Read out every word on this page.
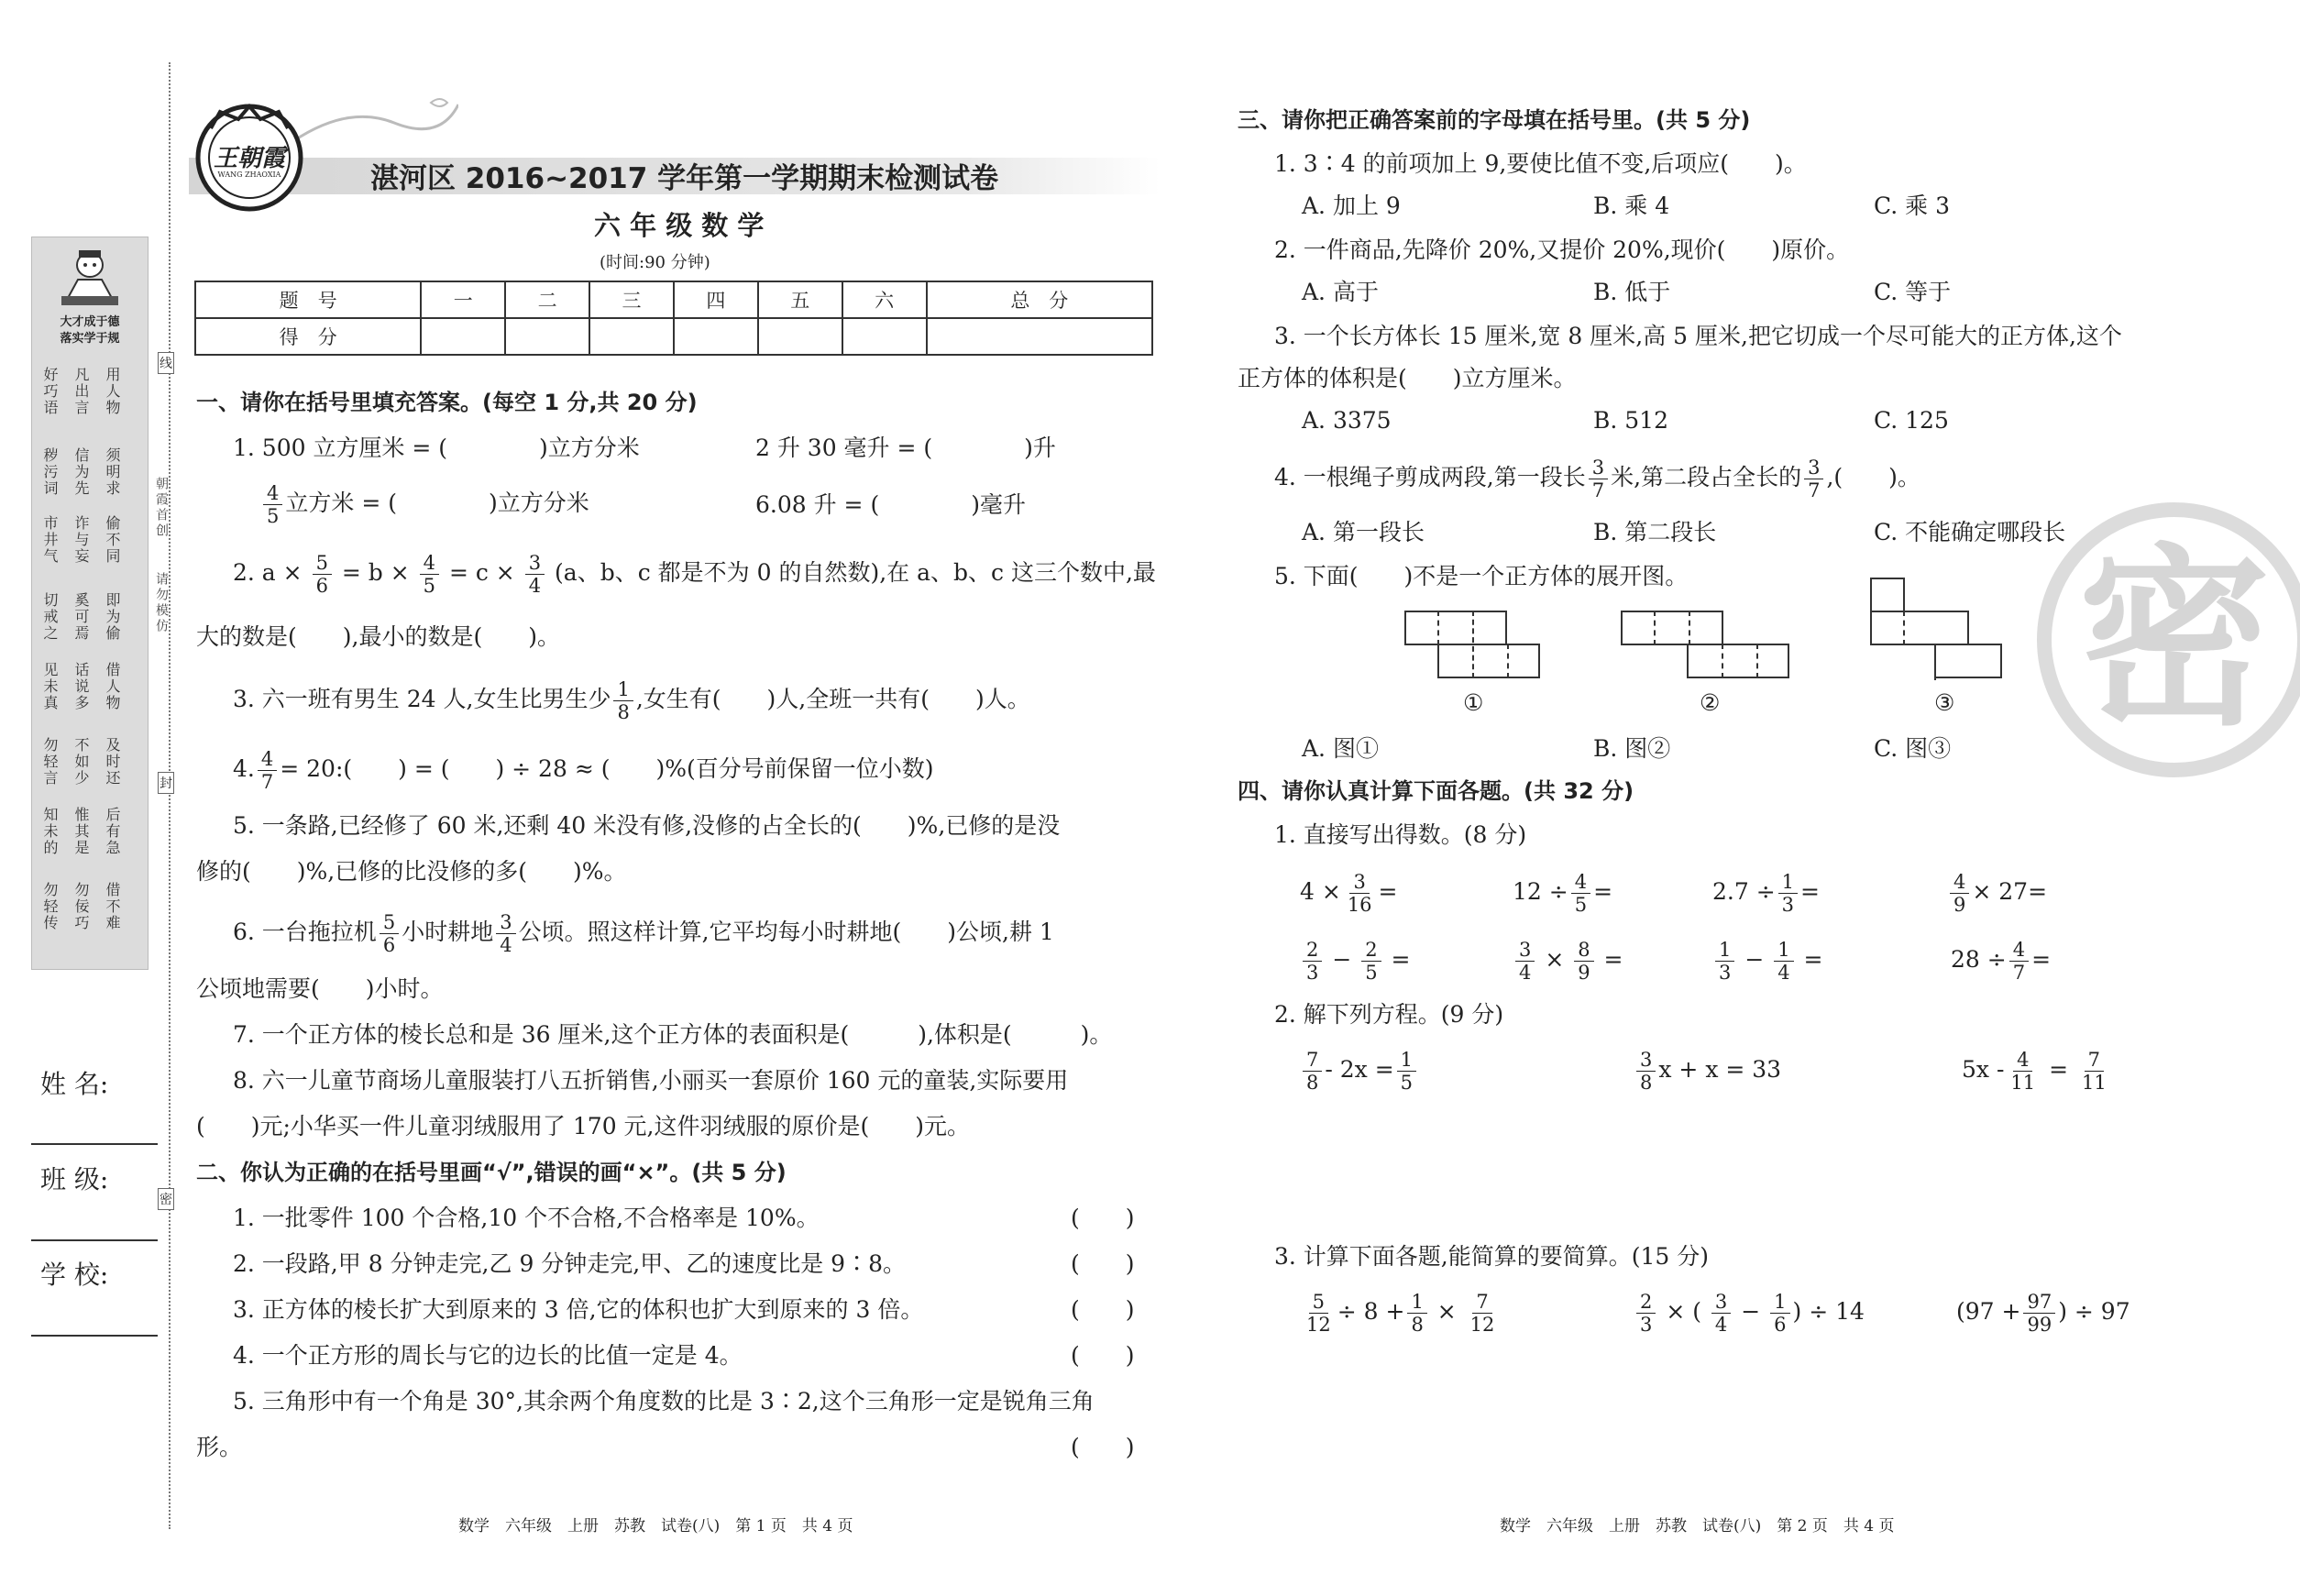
大才成于德
落实学于规
用人物
凡出言
好巧语
须明求
信为先
秽污词
偷不同
诈与妄
市井气
即为偷
奚可焉
切戒之
借人物
话说多
见未真
及时还
不如少
勿轻言
后有急
惟其是
知未的
借不难
勿佞巧
勿轻传
朝霞首创
请勿模仿
线
封
密
姓 名:
班 级:
学 校:
王朝霞
WANG ZHAOXIA	湛河区 2016~2017 学年第一学期期末检测试卷
六 年 级 数 学
(时间:90 分钟)
题　号	一	二	三	四	五	六	总　分
得　分							
一、请你在括号里填充答案。(每空 1 分,共 20 分)
1. 500 立方厘米 = (　　　　)立方分米	2 升 30 毫升 = (　　　　)升
$\frac{4}{5}$ 立方米 = (　　　　)立方分米	6.08 升 = (　　　　)毫升
2. $a \times \frac{5}{6} = b \times \frac{4}{5} = c \times \frac{3}{4} (a$、b、c 都是不为 0 的自然数),在 a、b、c 这三个数中,最
大的数是(　　),最小的数是(　　)。
3. 六一班有男生 24 人,女生比男生少 $\frac{1}{8}$ ,女生有(　　)人,全班一共有(　　)人。
4. $\frac{4}{7}$ = 20:(　　) = (　　) ÷ 28 ≈ (　　)%(百分号前保留一位小数)
5. 一条路,已经修了 60 米,还剩 40 米没有修,没修的占全长的(　　)%,已修的是没
修的(　　)%,已修的比没修的多(　　)%。
6. 一台拖拉机 $\frac{5}{6}$ 小时耕地 $\frac{3}{4}$ 公顷。照这样计算,它平均每小时耕地(　　)公顷,耕 1
公顷地需要(　　)小时。
7. 一个正方体的棱长总和是 36 厘米,这个正方体的表面积是(　　　),体积是(　　　)。
8. 六一儿童节商场儿童服装打八五折销售,小丽买一套原价 160 元的童装,实际要用
(　　)元;小华买一件儿童羽绒服用了 170 元,这件羽绒服的原价是(　　)元。
二、你认为正确的在括号里画“√”,错误的画“×”。(共 5 分)
1. 一批零件 100 个合格,10 个不合格,不合格率是 10%。	(　　)
2. 一段路,甲 8 分钟走完,乙 9 分钟走完,甲、乙的速度比是 9∶8。	(　　)
3. 正方体的棱长扩大到原来的 3 倍,它的体积也扩大到原来的 3 倍。	(　　)
4. 一个正方形的周长与它的边长的比值一定是 4。	(　　)
5. 三角形中有一个角是 30°,其余两个角度数的比是 3∶2,这个三角形一定是锐角三角
形。	(　　)
数学　六年级　上册　苏教　试卷(八)　第 1 页　共 4 页
密
三、请你把正确答案前的字母填在括号里。(共 5 分)
1. 3∶4 的前项加上 9,要使比值不变,后项应(　　)。
A. 加上 9	B. 乘 4	C. 乘 3
2. 一件商品,先降价 20%,又提价 20%,现价(　　)原价。
A. 高于	B. 低于	C. 等于
3. 一个长方体长 15 厘米,宽 8 厘米,高 5 厘米,把它切成一个尽可能大的正方体,这个
正方体的体积是(　　)立方厘米。
A. 3375	B. 512	C. 125
4. 一根绳子剪成两段,第一段长 $\frac{3}{7}$ 米,第二段占全长的 $\frac{3}{7}$ ,(　　)。
A. 第一段长	B. 第二段长	C. 不能确定哪段长
5. 下面(　　)不是一个正方体的展开图。
①	②	③
A. 图①	B. 图②	C. 图③
四、请你认真计算下面各题。(共 32 分)
1. 直接写出得数。(8 分)
$4 \times \frac{3}{16}$ =	$12 \div \frac{4}{5}$ =	$2.7 \div \frac{1}{3}$ =	$\frac{4}{9} \times 27=$
$\frac{2}{3} - \frac{2}{5}$ =	$\frac{3}{4} \times \frac{8}{9}$ =	$\frac{1}{3} - \frac{1}{4}$ =	$28 \div \frac{4}{7}$ =
2. 解下列方程。(9 分)
$\frac{7}{8} - 2x = \frac{1}{5}$	$\frac{3}{8}$ x + x = 33	$5x - \frac{4}{11} = \frac{7}{11}$
3. 计算下面各题,能简算的要简算。(15 分)
$\frac{5}{12} \div 8 + \frac{1}{8} \times \frac{7}{12}$	$\frac{2}{3}$ × ( $\frac{3}{4} - \frac{1}{6}$ ) ÷ 14	($97 + \frac{97}{99}$ ) ÷ 97
数学　六年级　上册　苏教　试卷(八)　第 2 页　共 4 页
